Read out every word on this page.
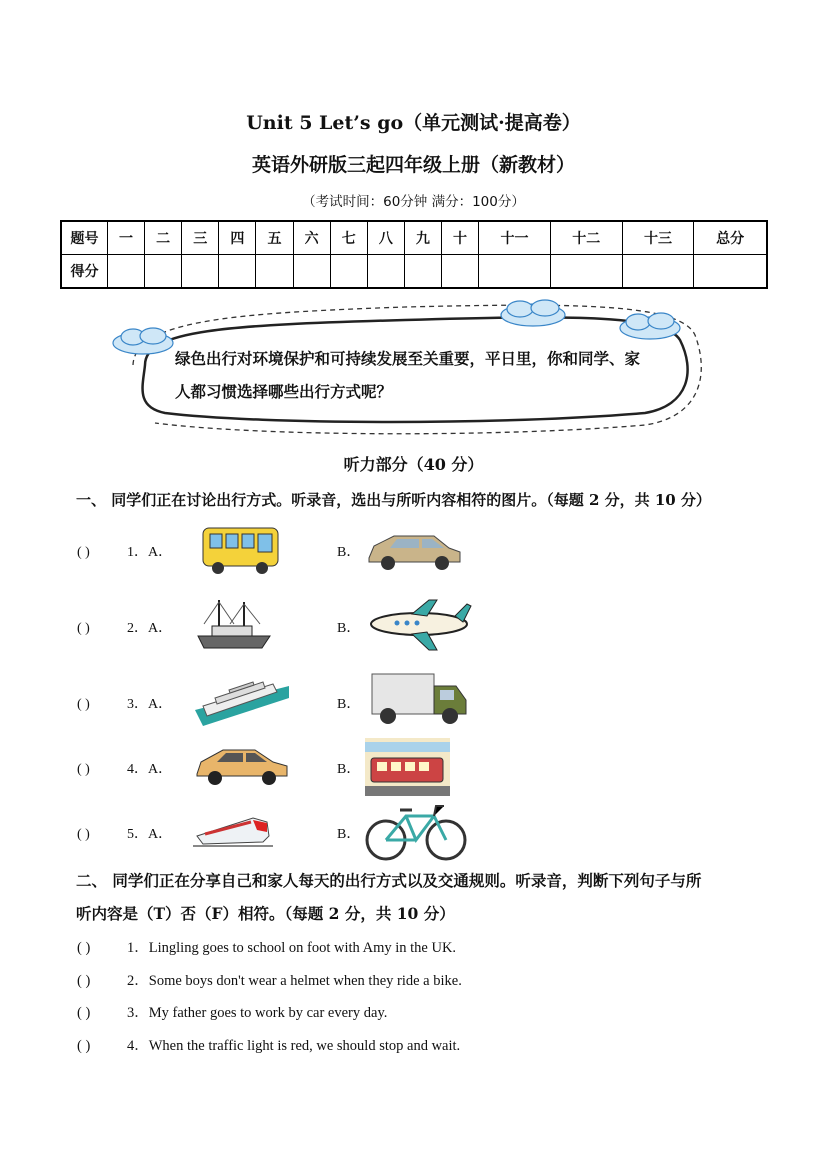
Unit 5 Let’s go（单元测试·提高卷）
英语外研版三起四年级上册（新教材）
（考试时间：60分钟 满分：100分）
题号	一	二	三	四	五	六	七	八	九	十	十一	十二	十三	总分
得分														
绿色出行对环境保护和可持续发展至关重要，平日里，你和同学、家
人都习惯选择哪些出行方式呢？
听力部分（40 分）
一、 同学们正在讨论出行方式。听录音，选出与所听内容相符的图片。（每题 2 分，共 10 分）
( )	1．A．	B．
( )	2．A．	B．
( )	3．A．	B．
( )	4．A．	B．
( )	5．A．	B．
二、 同学们正在分享自己和家人每天的出行方式以及交通规则。听录音，判断下列句子与所
听内容是（T）否（F）相符。（每题 2 分，共 10 分）
( )	1．Lingling goes to school on foot with Amy in the UK.
( )	2．Some boys don't wear a helmet when they ride a bike.
( )	3．My father goes to work by car every day.
( )	4．When the traffic light is red, we should stop and wait.
